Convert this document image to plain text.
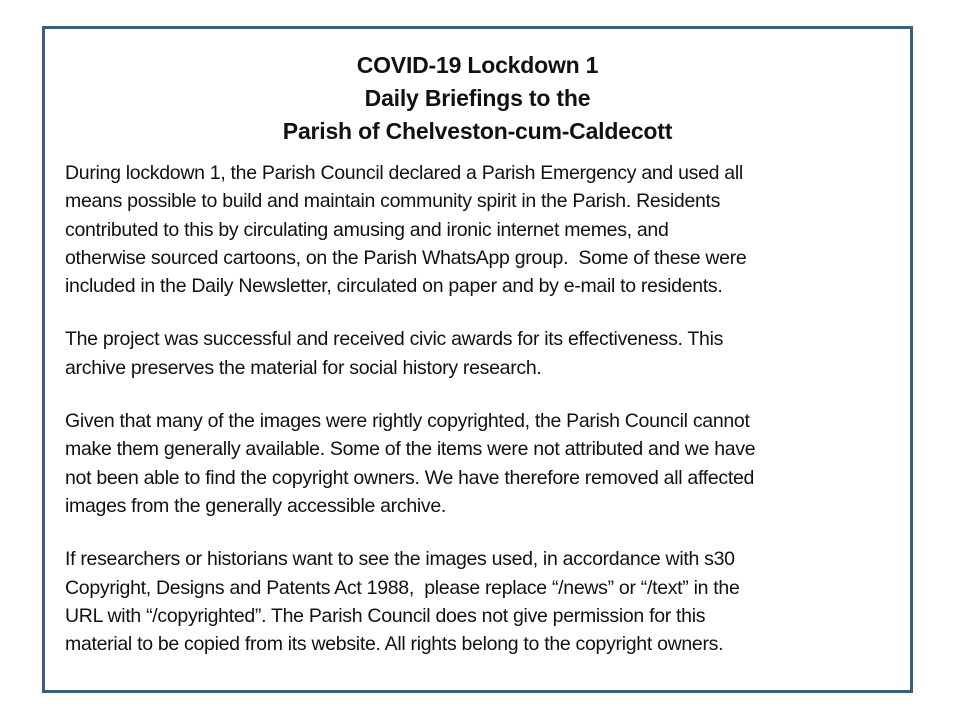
COVID-19 Lockdown 1
Daily Briefings to the
Parish of Chelveston-cum-Caldecott
During lockdown 1, the Parish Council declared a Parish Emergency and used all
means possible to build and maintain community spirit in the Parish. Residents
contributed to this by circulating amusing and ironic internet memes, and
otherwise sourced cartoons, on the Parish WhatsApp group.  Some of these were
included in the Daily Newsletter, circulated on paper and by e-mail to residents.
The project was successful and received civic awards for its effectiveness. This
archive preserves the material for social history research.
Given that many of the images were rightly copyrighted, the Parish Council cannot
make them generally available. Some of the items were not attributed and we have
not been able to find the copyright owners. We have therefore removed all affected
images from the generally accessible archive.
If researchers or historians want to see the images used, in accordance with s30
Copyright, Designs and Patents Act 1988,  please replace “/news” or “/text” in the
URL with “/copyrighted”. The Parish Council does not give permission for this
material to be copied from its website. All rights belong to the copyright owners.
